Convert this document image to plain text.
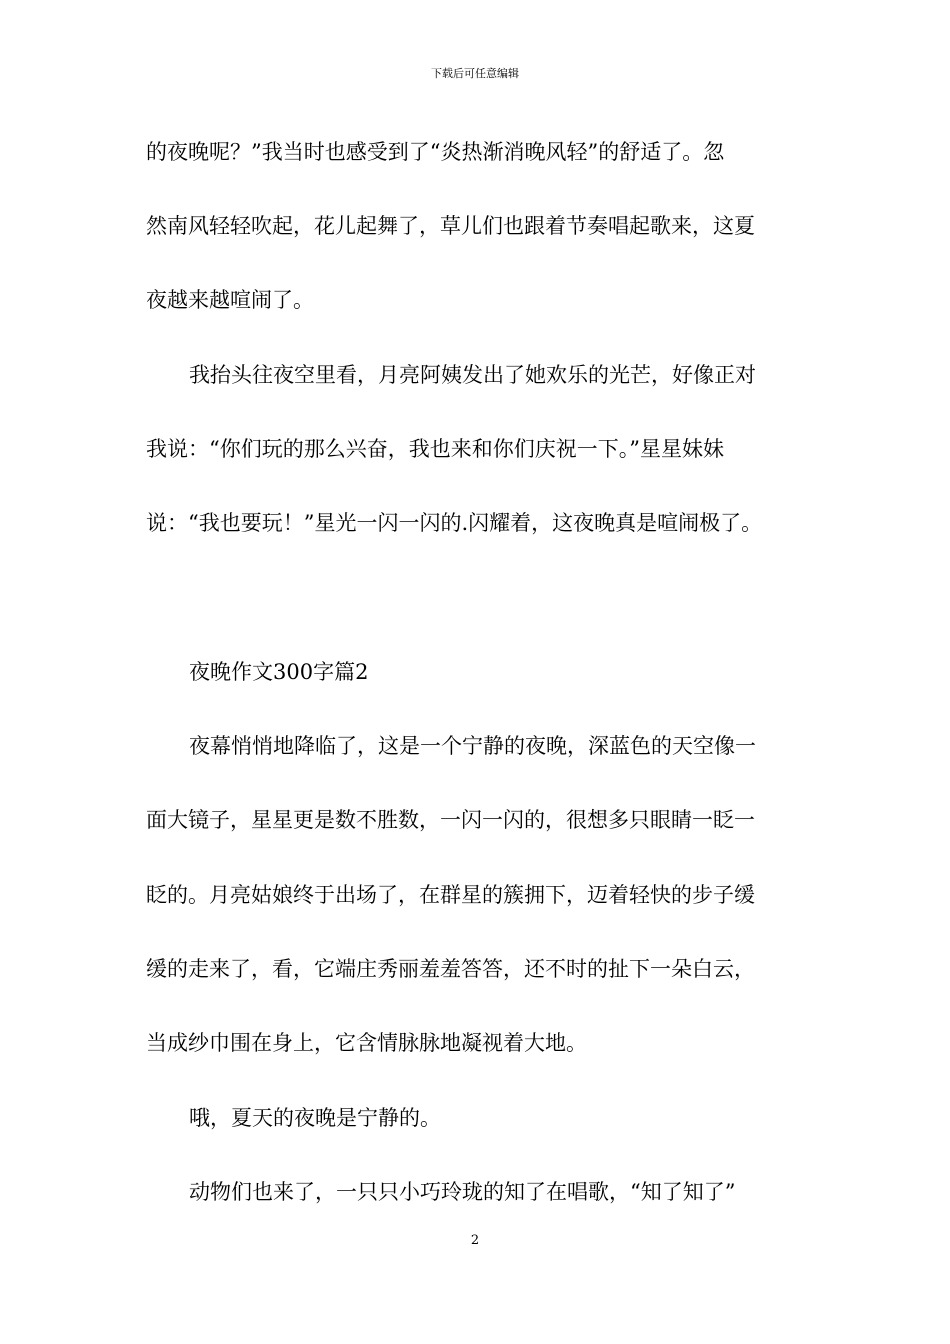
下载后可任意编辑
的夜晚呢？”我当时也感受到了“炎热渐消晚风轻”的舒适了。忽
然南风轻轻吹起，花儿起舞了，草儿们也跟着节奏唱起歌来，这夏
夜越来越喧闹了。
我抬头往夜空里看，月亮阿姨发出了她欢乐的光芒，好像正对
我说：“你们玩的那么兴奋，我也来和你们庆祝一下。”星星妹妹
说：“我也要玩！”星光一闪一闪的.闪耀着，这夜晚真是喧闹极了。
夜晚作文300字篇2
夜幕悄悄地降临了，这是一个宁静的夜晚，深蓝色的天空像一
面大镜子，星星更是数不胜数，一闪一闪的，很想多只眼睛一眨一
眨的。月亮姑娘终于出场了，在群星的簇拥下，迈着轻快的步子缓
缓的走来了，看，它端庄秀丽羞羞答答，还不时的扯下一朵白云，
当成纱巾围在身上，它含情脉脉地凝视着大地。
哦，夏天的夜晚是宁静的。
动物们也来了，一只只小巧玲珑的知了在唱歌，“知了知了”
2
